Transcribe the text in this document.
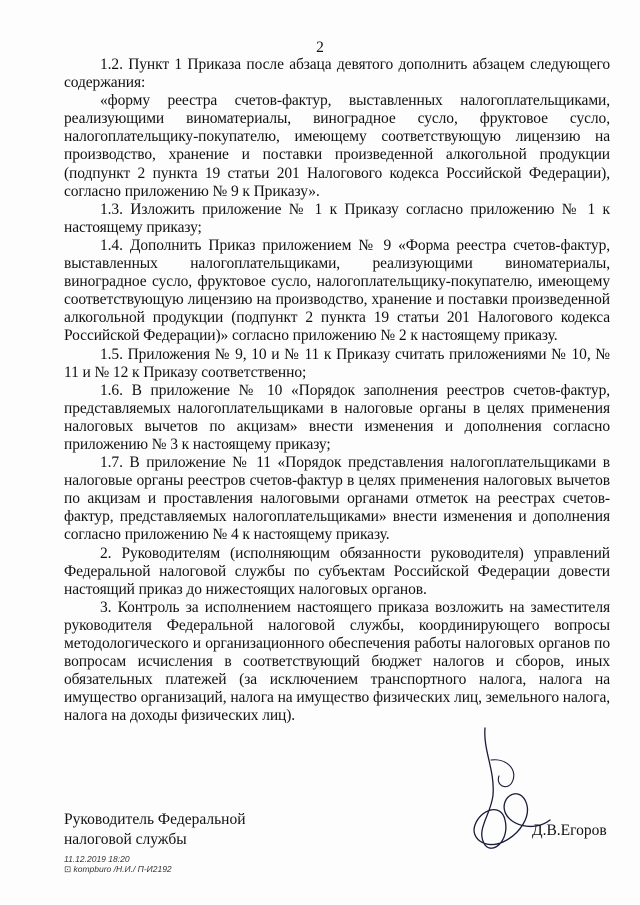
2

1.2. Пункт 1 Приказа после абзаца девятого дополнить абзацем следующего содержания:

«форму реестра счетов-фактур, выставленных налогоплательщиками, реализующими виноматериалы, виноградное сусло, фруктовое сусло, налогоплательщику-покупателю, имеющему соответствующую лицензию на производство, хранение и поставки произведенной алкогольной продукции (подпункт 2 пункта 19 статьи 201 Налогового кодекса Российской Федерации), согласно приложению № 9 к Приказу».

1.3. Изложить приложение № 1 к Приказу согласно приложению № 1 к настоящему приказу;

1.4. Дополнить Приказ приложением № 9 «Форма реестра счетов-фактур, выставленных налогоплательщиками, реализующими виноматериалы, виноградное сусло, фруктовое сусло, налогоплательщику-покупателю, имеющему соответствующую лицензию на производство, хранение и поставки произведенной алкогольной продукции (подпункт 2 пункта 19 статьи 201 Налогового кодекса Российской Федерации)» согласно приложению № 2 к настоящему приказу.

1.5. Приложения № 9, 10 и № 11 к Приказу считать приложениями № 10, № 11 и № 12 к Приказу соответственно;

1.6. В приложение № 10 «Порядок заполнения реестров счетов-фактур, представляемых налогоплательщиками в налоговые органы в целях применения налоговых вычетов по акцизам» внести изменения и дополнения согласно приложению № 3 к настоящему приказу;

1.7. В приложение № 11 «Порядок представления налогоплательщиками в налоговые органы реестров счетов-фактур в целях применения налоговых вычетов по акцизам и проставления налоговыми органами отметок на реестрах счетов-фактур, представляемых налогоплательщиками» внести изменения и дополнения согласно приложению № 4 к настоящему приказу.

2. Руководителям (исполняющим обязанности руководителя) управлений Федеральной налоговой службы по субъектам Российской Федерации довести настоящий приказ до нижестоящих налоговых органов.

3. Контроль за исполнением настоящего приказа возложить на заместителя руководителя Федеральной налоговой службы, координирующего вопросы методологического и организационного обеспечения работы налоговых органов по вопросам исчисления в соответствующий бюджет налогов и сборов, иных обязательных платежей (за исключением транспортного налога, налога на имущество организаций, налога на имущество физических лиц, земельного налога, налога на доходы физических лиц).

Руководитель Федеральной
налоговой службы
Д.В.Егоров
11.12.2019 18:20
⊡ kompburo /Н.И./ П-И2192
